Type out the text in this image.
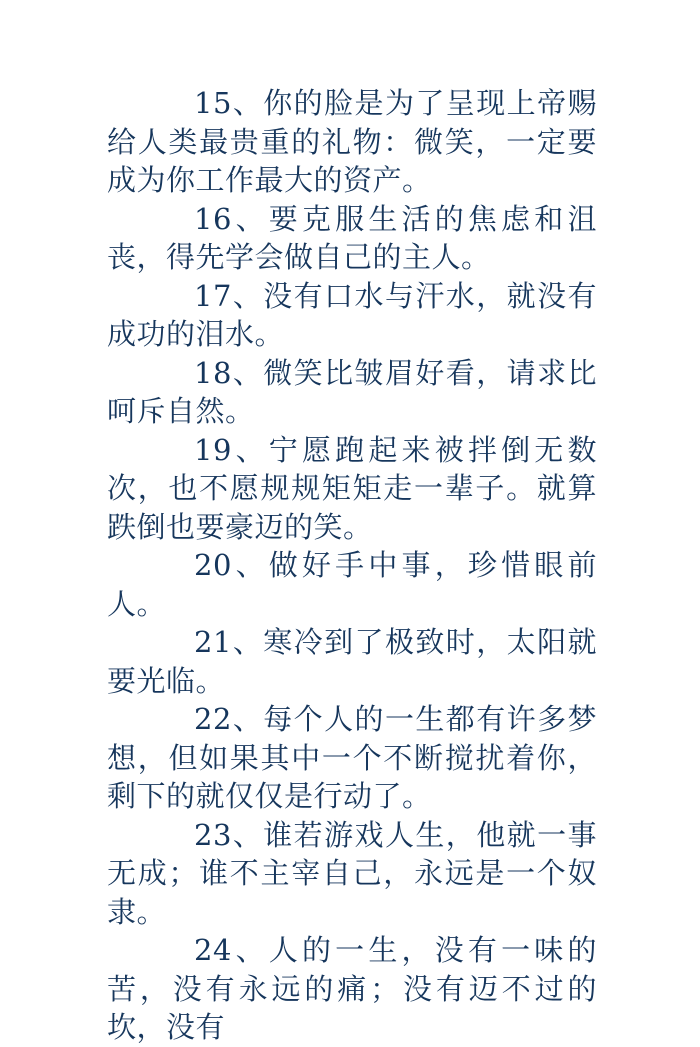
15、你的脸是为了呈现上帝赐给人类最贵重的礼物：微笑，一定要成为你工作最大的资产。

16、要克服生活的焦虑和沮丧，得先学会做自己的主人。

17、没有口水与汗水，就没有成功的泪水。

18、微笑比皱眉好看，请求比呵斥自然。

19、宁愿跑起来被拌倒无数次，也不愿规规矩矩走一辈子。就算跌倒也要豪迈的笑。

20、做好手中事，珍惜眼前人。

21、寒冷到了极致时，太阳就要光临。

22、每个人的一生都有许多梦想，但如果其中一个不断搅扰着你，剩下的就仅仅是行动了。

23、谁若游戏人生，他就一事无成；谁不主宰自己，永远是一个奴隶。

24、人的一生，没有一味的苦，没有永远的痛；没有迈不过的坎，没有
